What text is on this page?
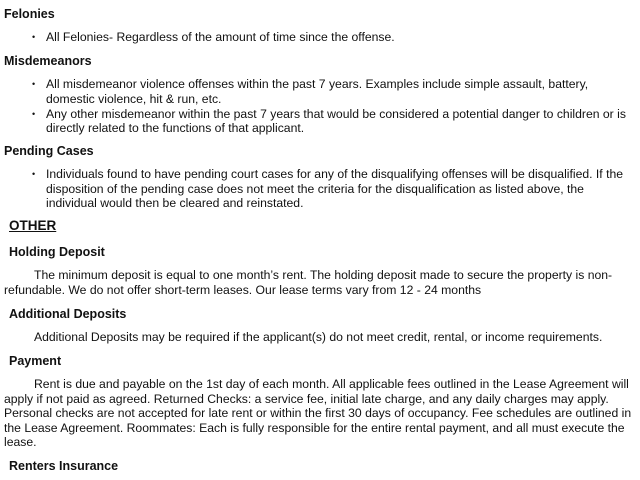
Felonies
• All Felonies- Regardless of the amount of time since the offense.
Misdemeanors
• All misdemeanor violence offenses within the past 7 years. Examples include simple assault, battery, domestic violence, hit & run, etc.
• Any other misdemeanor within the past 7 years that would be considered a potential danger to children or is directly related to the functions of that applicant.
Pending Cases
• Individuals found to have pending court cases for any of the disqualifying offenses will be disqualified. If the disposition of the pending case does not meet the criteria for the disqualification as listed above, the individual would then be cleared and reinstated.
OTHER
Holding Deposit

The minimum deposit is equal to one month’s rent. The holding deposit made to secure the property is non- refundable. We do not offer short-term leases. Our lease terms vary from 12 - 24 months

Additional Deposits

Additional Deposits may be required if the applicant(s) do not meet credit, rental, or income requirements.

Payment

Rent is due and payable on the 1st day of each month. All applicable fees outlined in the Lease Agreement will apply if not paid as agreed. Returned Checks: a service fee, initial late charge, and any daily charges may apply. Personal checks are not accepted for late rent or within the first 30 days of occupancy. Fee schedules are outlined in the Lease Agreement. Roommates: Each is fully responsible for the entire rental payment, and all must execute the lease.

Renters Insurance
